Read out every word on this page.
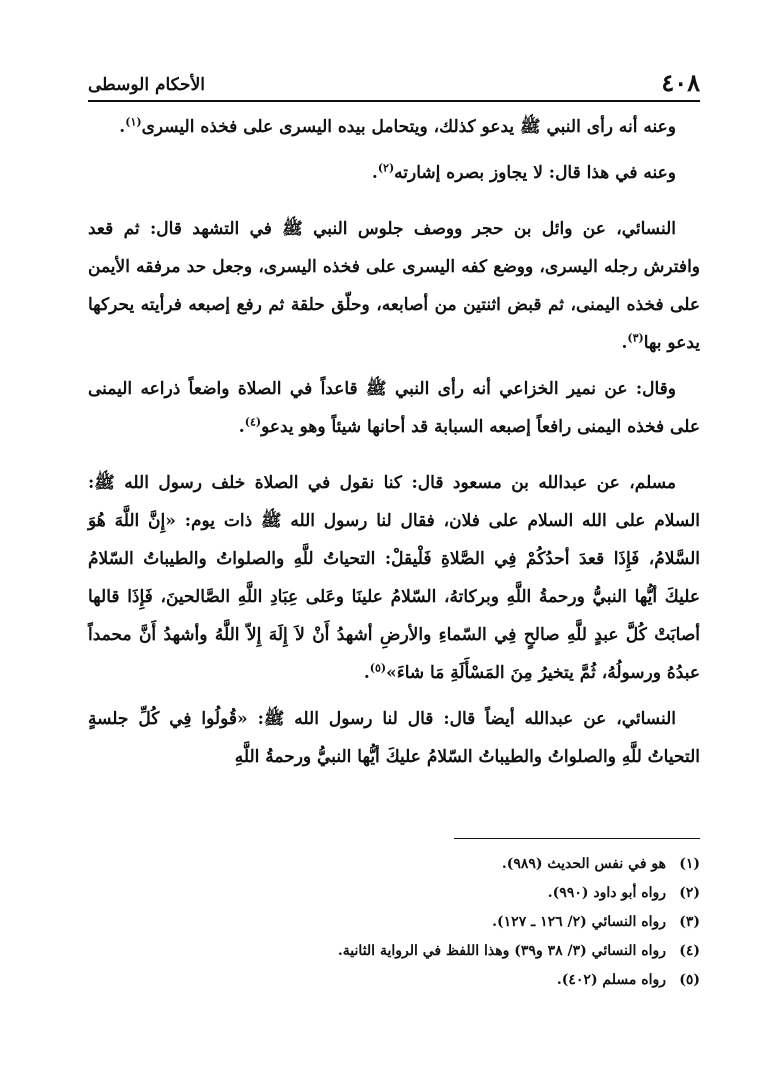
٤٠٨
الأحكام الوسطى

وعنه أنه رأى النبي ﷺ يدعو كذلك، ويتحامل بيده اليسرى على فخذه اليسرى$^{(١)}$.

وعنه في هذا قال: لا يجاوز بصره إشارته$^{(٢)}$.

النسائي، عن وائل بن حجر ووصف جلوس النبي ﷺ في التشهد قال: ثم قعد وافترش رجله اليسرى، ووضع كفه اليسرى على فخذه اليسرى، وجعل حد مرفقه الأيمن على فخذه اليمنى، ثم قبض اثنتين من أصابعه، وحلّق حلقة ثم رفع إصبعه فرأيته يحركها يدعو بها$^{(٣)}$.

وقال: عن نمير الخزاعي أنه رأى النبي ﷺ قاعداً في الصلاة واضعاً ذراعه اليمنى على فخذه اليمنى رافعاً إصبعه السبابة قد أحانها شيئاً وهو يدعو$^{(٤)}$.

مسلم، عن عبدالله بن مسعود قال: كنا نقول في الصلاة خلف رسول الله ﷺ: السلام على الله السلام على فلان، فقال لنا رسول الله ﷺ ذات يوم: «إِنَّ اللَّهَ هُوَ السَّلامُ، فَإِذَا قعدَ أحدُكُمْ فِي الصَّلاةِ فَلْيقلْ: التحياتُ للَّهِ والصلواتُ والطيباتُ السّلامُ عليكَ أيُّها النبيُّ ورحمةُ اللَّهِ وبركاتهُ، السّلامُ علينَا وعَلى عِبَادِ اللَّهِ الصَّالحينَ، فَإِذَا قالها أصابَتْ كُلَّ عبدٍ للَّهِ صالحٍ فِي السّماءِ والأرضِ أشهدُ أَنْ لاَ إِلَهَ إِلاّ اللَّهُ وأشهدُ أَنَّ محمداً عبدُهُ ورسولُهُ، ثُمَّ يتخيرُ مِنَ المَسْأَلَةِ مَا شاءَ»$^{(٥)}$.

النسائي، عن عبدالله أيضاً قال: قال لنا رسول الله ﷺ: «قُولُوا فِي كُلِّ جلسةٍ التحياتُ للَّهِ والصلواتُ والطيباتُ السّلامُ عليكَ أيُّها النبيُّ ورحمةُ اللَّهِ

(١)
هو في نفس الحديث (٩٨٩).
(٢)
رواه أبو داود (٩٩٠).
(٣)
رواه النسائي (٢/ ١٢٦ ـ ١٢٧).
(٤)
رواه النسائي (٣/ ٣٨ و٣٩) وهذا اللفظ في الرواية الثانية.
(٥)
رواه مسلم (٤٠٢).
